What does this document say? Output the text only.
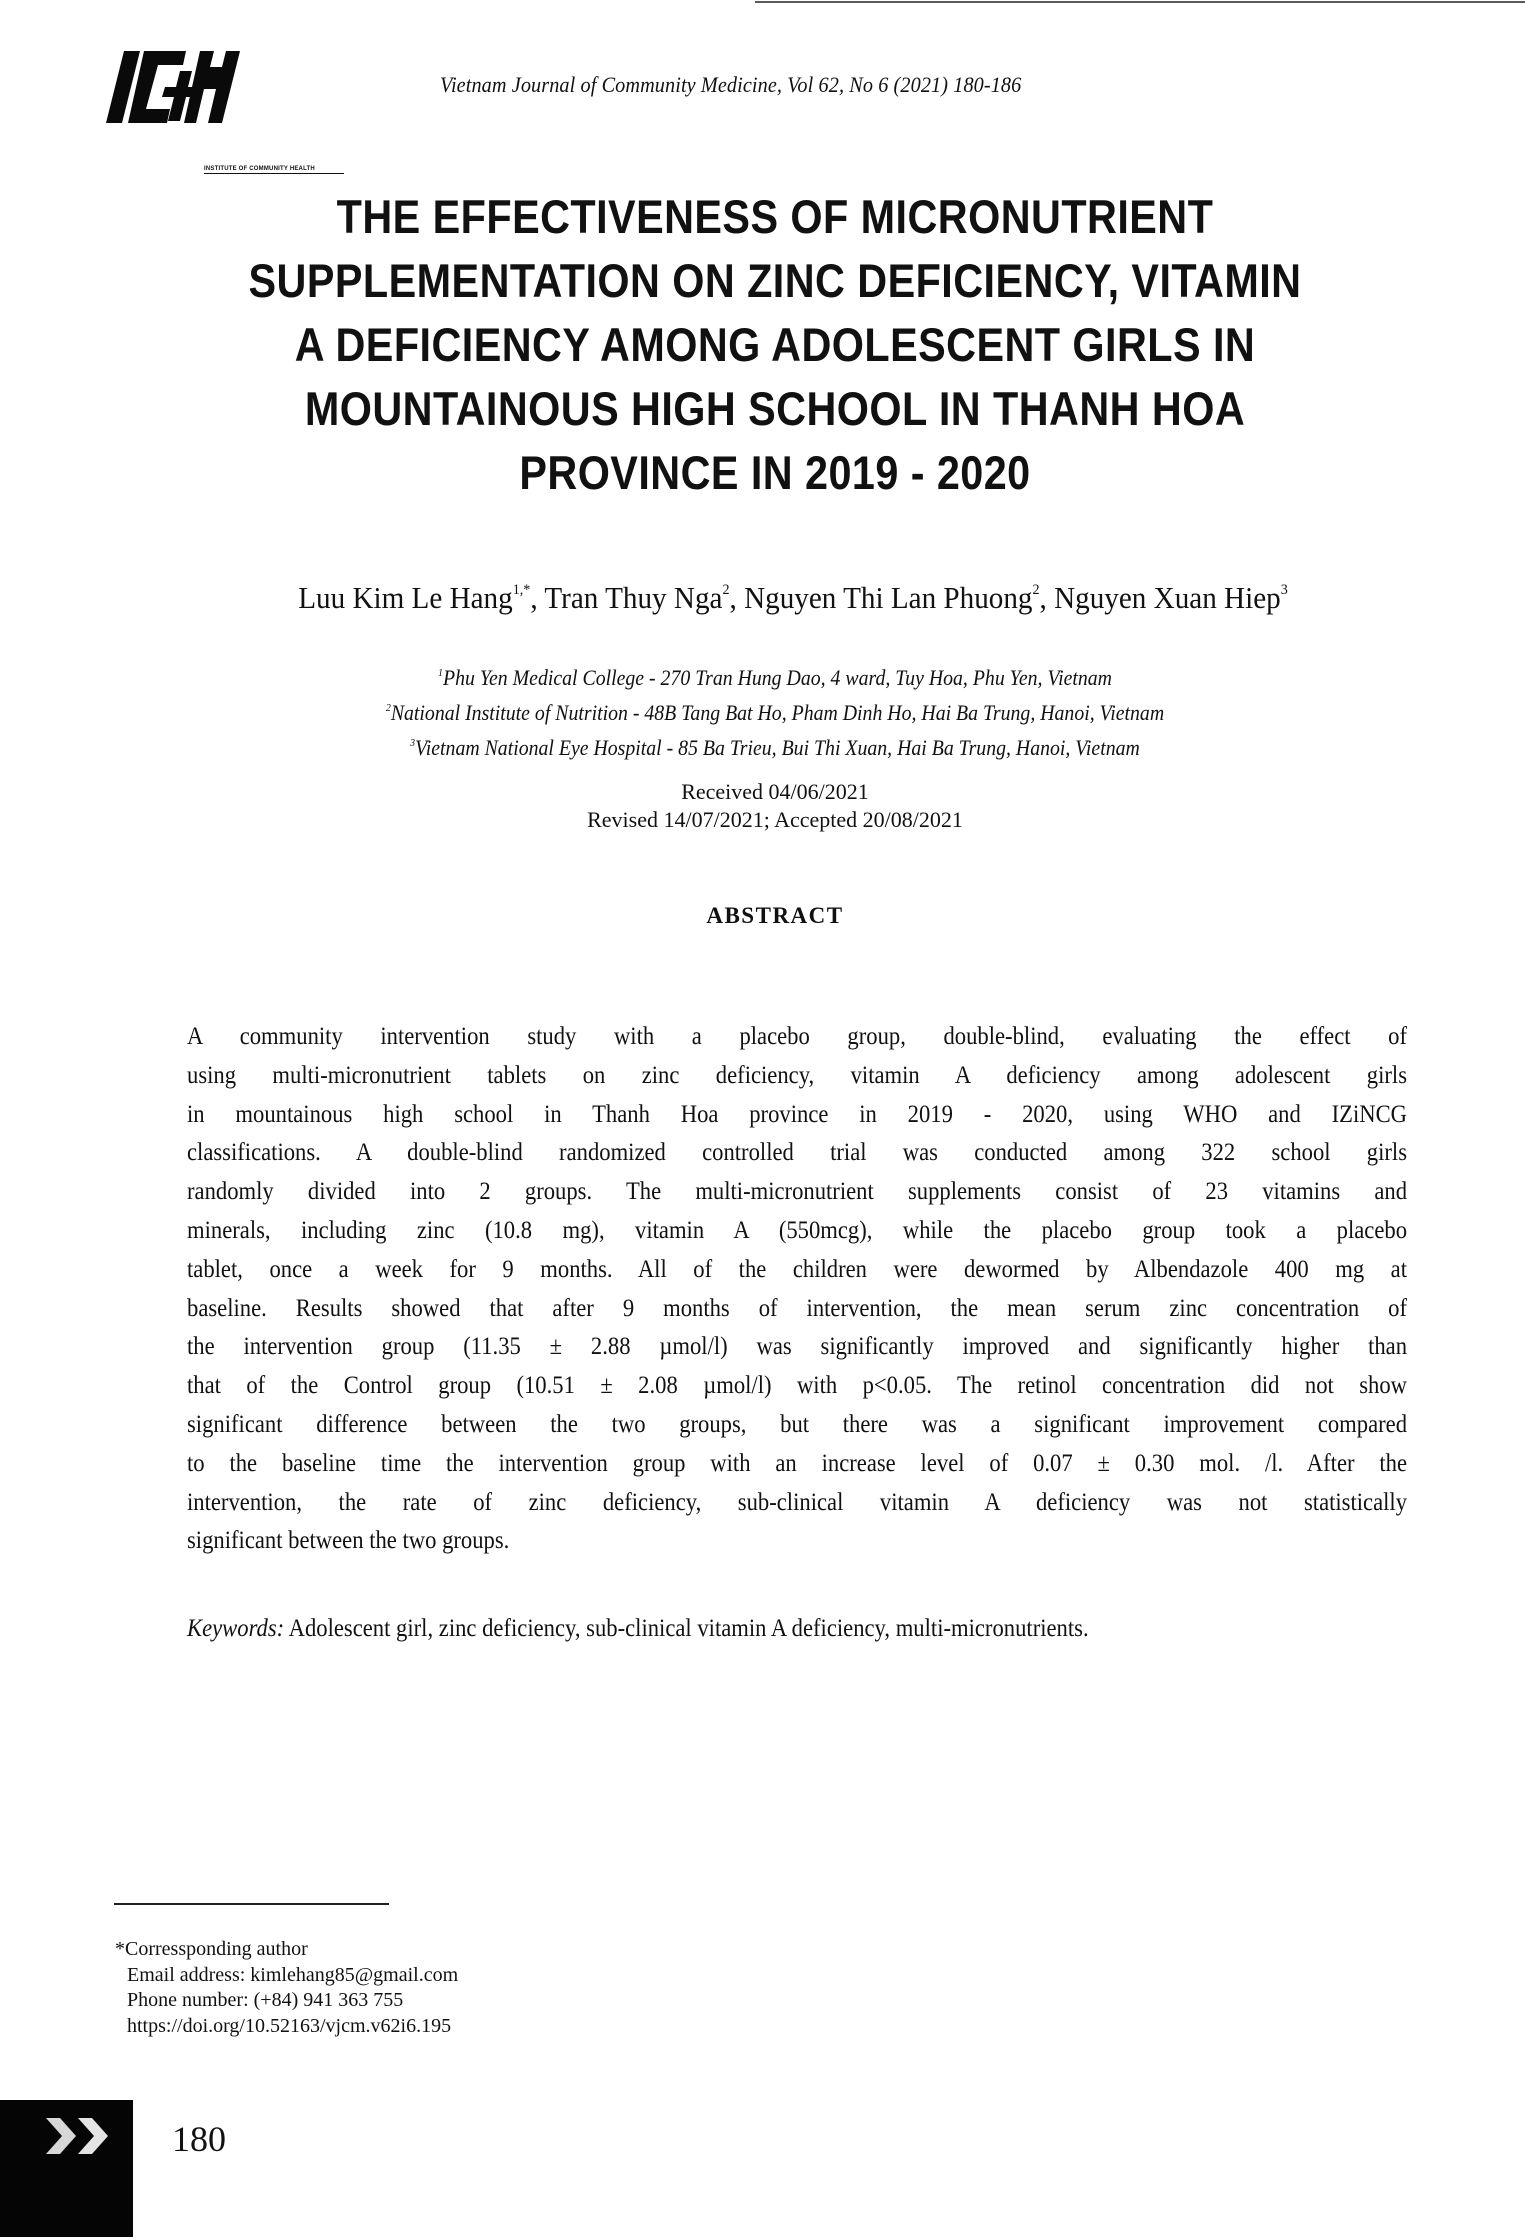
INSTITUTE OF COMMUNITY HEALTH
Vietnam Journal of Community Medicine, Vol 62, No 6 (2021) 180-186
THE EFFECTIVENESS OF MICRONUTRIENT
SUPPLEMENTATION ON ZINC DEFICIENCY, VITAMIN
A DEFICIENCY AMONG ADOLESCENT GIRLS IN
MOUNTAINOUS HIGH SCHOOL IN THANH HOA
PROVINCE IN 2019 - 2020
Luu Kim Le Hang$^{1,*}$, Tran Thuy Nga$^2$, Nguyen Thi Lan Phuong$^2$, Nguyen Xuan Hiep$^3$
$^1$Phu Yen Medical College - 270 Tran Hung Dao, 4 ward, Tuy Hoa, Phu Yen, Vietnam
$^2$National Institute of Nutrition - 48B Tang Bat Ho, Pham Dinh Ho, Hai Ba Trung, Hanoi, Vietnam
$^3$Vietnam National Eye Hospital - 85 Ba Trieu, Bui Thi Xuan, Hai Ba Trung, Hanoi, Vietnam
Received 04/06/2021
Revised 14/07/2021; Accepted 20/08/2021
ABSTRACT
A community intervention study with a placebo group, double-blind, evaluating the effect of
using multi-micronutrient tablets on zinc deficiency, vitamin A deficiency among adolescent girls
in mountainous high school in Thanh Hoa province in 2019 - 2020, using WHO and IZiNCG
classifications. A double-blind randomized controlled trial was conducted among 322 school girls
randomly divided into 2 groups. The multi-micronutrient supplements consist of 23 vitamins and
minerals, including zinc (10.8 mg), vitamin A (550mcg), while the placebo group took a placebo
tablet, once a week for 9 months. All of the children were dewormed by Albendazole 400 mg at
baseline. Results showed that after 9 months of intervention, the mean serum zinc concentration of
the intervention group (11.35 ± 2.88 µmol/l) was significantly improved and significantly higher than
that of the Control group (10.51 ± 2.08 µmol/l) with p<0.05. The retinol concentration did not show
significant difference between the two groups, but there was a significant improvement compared
to the baseline time the intervention group with an increase level of 0.07 ± 0.30 mol. /l. After the
intervention, the rate of zinc deficiency, sub-clinical vitamin A deficiency was not statistically
significant between the two groups.
Keywords: Adolescent girl, zinc deficiency, sub-clinical vitamin A deficiency, multi-micronutrients.
*Corressponding author
Email address: kimlehang85@gmail.com
Phone number: (+84) 941 363 755
https://doi.org/10.52163/vjcm.v62i6.195
180
